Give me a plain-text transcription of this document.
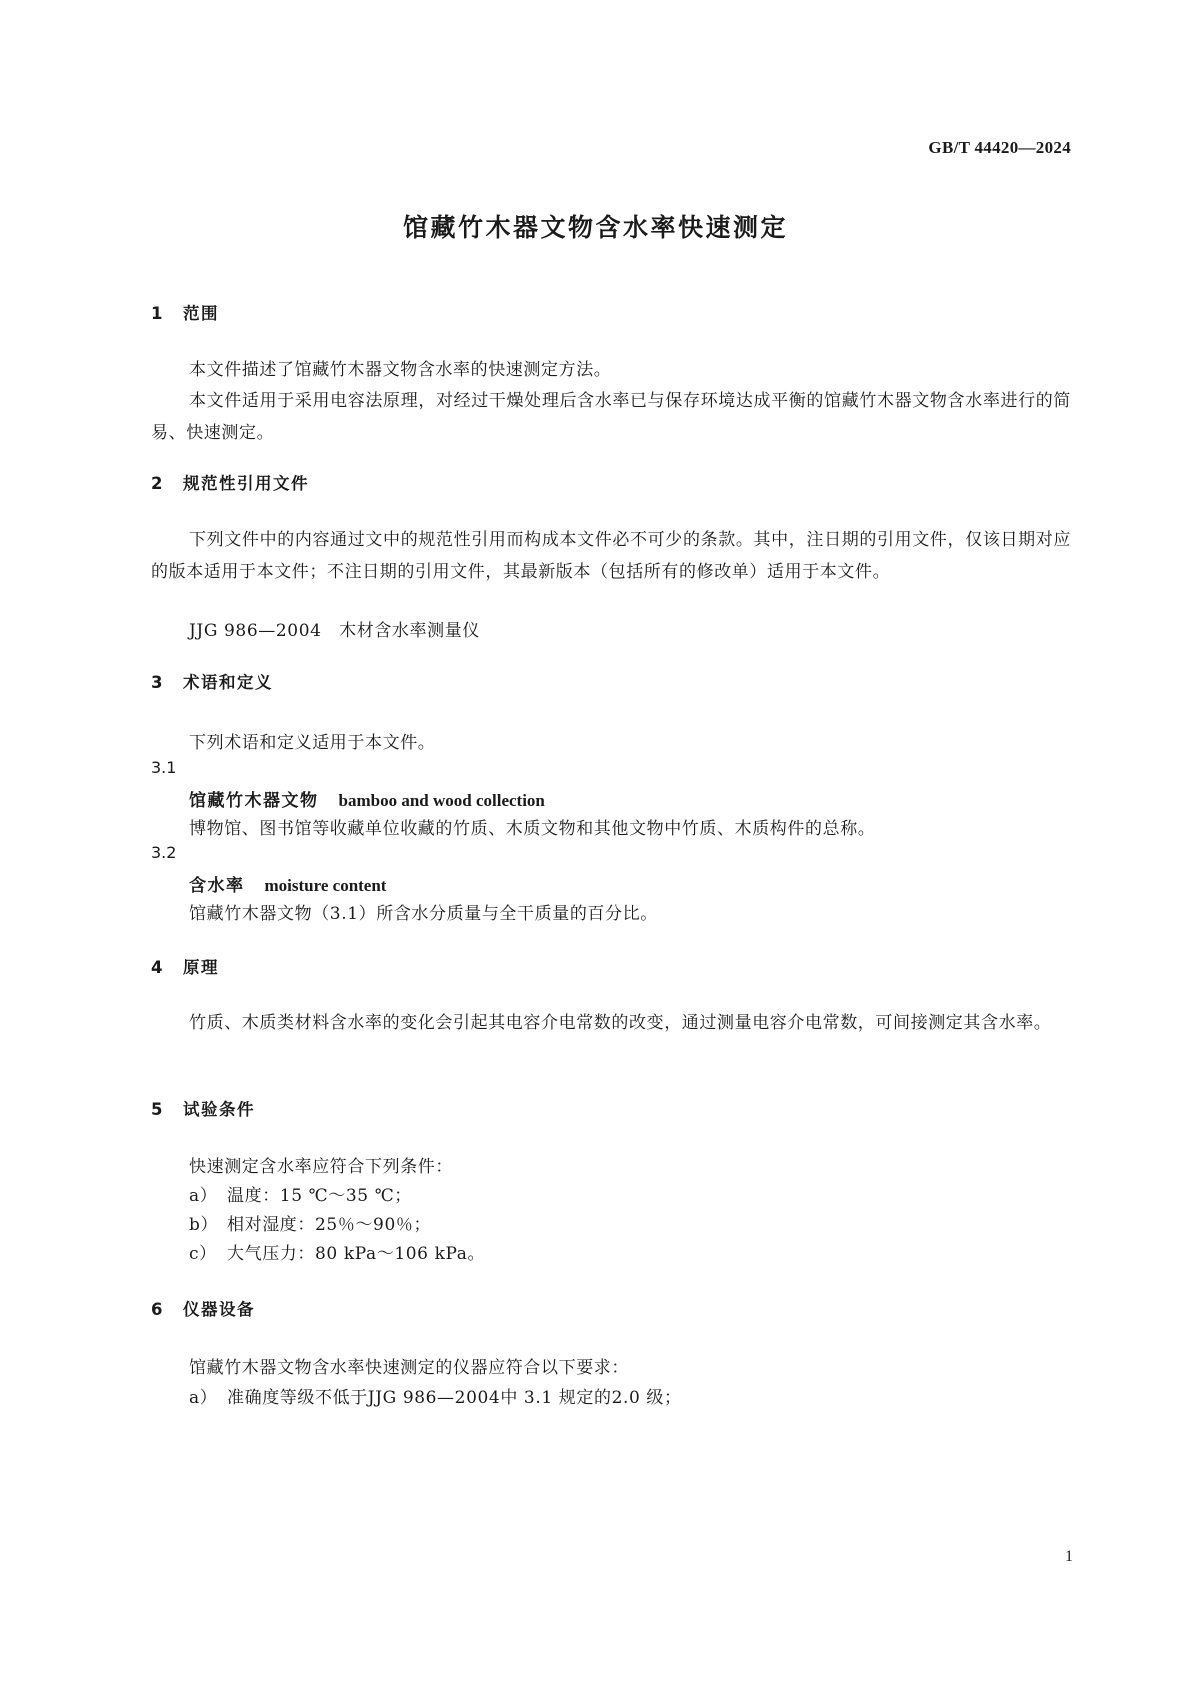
GB/T 44420—2024
馆藏竹木器文物含水率快速测定
1 范围

本文件描述了馆藏竹木器文物含水率的快速测定方法。

本文件适用于采用电容法原理，对经过干燥处理后含水率已与保存环境达成平衡的馆藏竹木器文物含水率进行的简易、快速测定。

2 规范性引用文件

下列文件中的内容通过文中的规范性引用而构成本文件必不可少的条款。其中，注日期的引用文件，仅该日期对应的版本适用于本文件；不注日期的引用文件，其最新版本（包括所有的修改单）适用于本文件。

JJG 986—2004　木材含水率测量仪

3 术语和定义

下列术语和定义适用于本文件。

3.1

馆藏竹木器文物 bamboo and wood collection

博物馆、图书馆等收藏单位收藏的竹质、木质文物和其他文物中竹质、木质构件的总称。

3.2

含水率 moisture content

馆藏竹木器文物（3.1）所含水分质量与全干质量的百分比。

4 原理

竹质、木质类材料含水率的变化会引起其电容介电常数的改变，通过测量电容介电常数，可间接测定其含水率。

5 试验条件

快速测定含水率应符合下列条件：

a） 温度：15 ℃～35 ℃；

b） 相对湿度：25％～90％；

c） 大气压力：80 kPa～106 kPa。

6 仪器设备

馆藏竹木器文物含水率快速测定的仪器应符合以下要求：

a） 准确度等级不低于JJG 986—2004中 3.1 规定的2.0 级；

1
